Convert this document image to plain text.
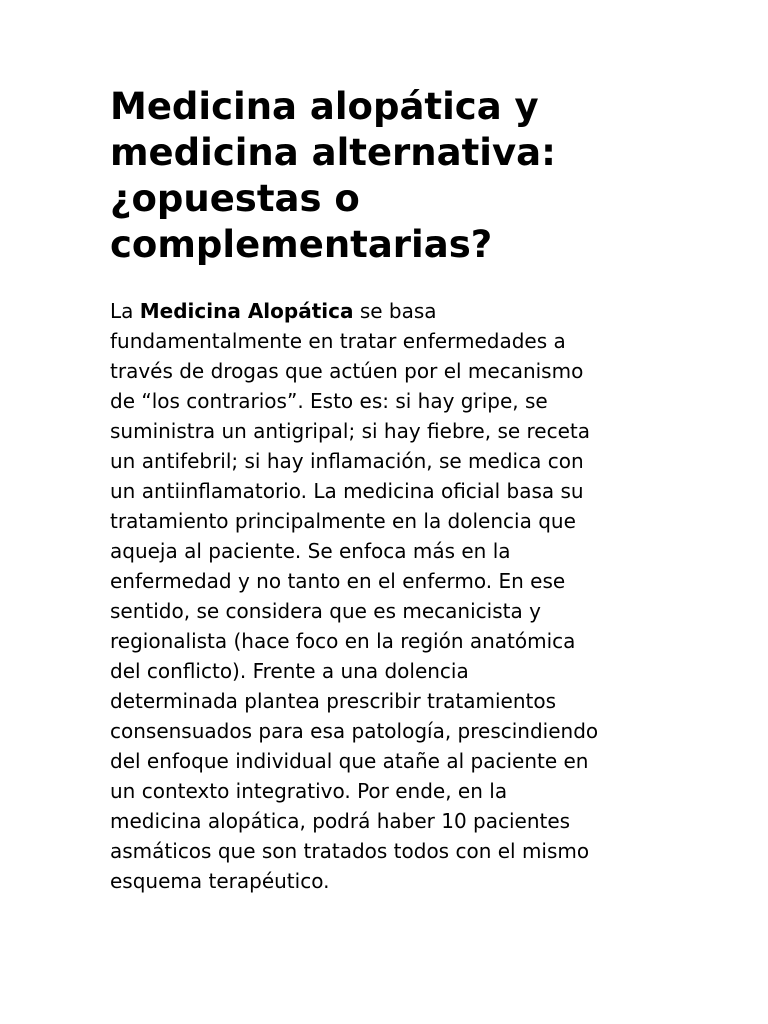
Medicina alopática y
medicina alternativa:
¿opuestas o
complementarias?

La Medicina Alopática se basa
fundamentalmente en tratar enfermedades a
través de drogas que actúen por el mecanismo
de “los contrarios”. Esto es: si hay gripe, se
suministra un antigripal; si hay fiebre, se receta
un antifebril; si hay inflamación, se medica con
un antiinflamatorio. La medicina oficial basa su
tratamiento principalmente en la dolencia que
aqueja al paciente. Se enfoca más en la
enfermedad y no tanto en el enfermo. En ese
sentido, se considera que es mecanicista y
regionalista (hace foco en la región anatómica
del conflicto). Frente a una dolencia
determinada plantea prescribir tratamientos
consensuados para esa patología, prescindiendo
del enfoque individual que atañe al paciente en
un contexto integrativo. Por ende, en la
medicina alopática, podrá haber 10 pacientes
asmáticos que son tratados todos con el mismo
esquema terapéutico.
